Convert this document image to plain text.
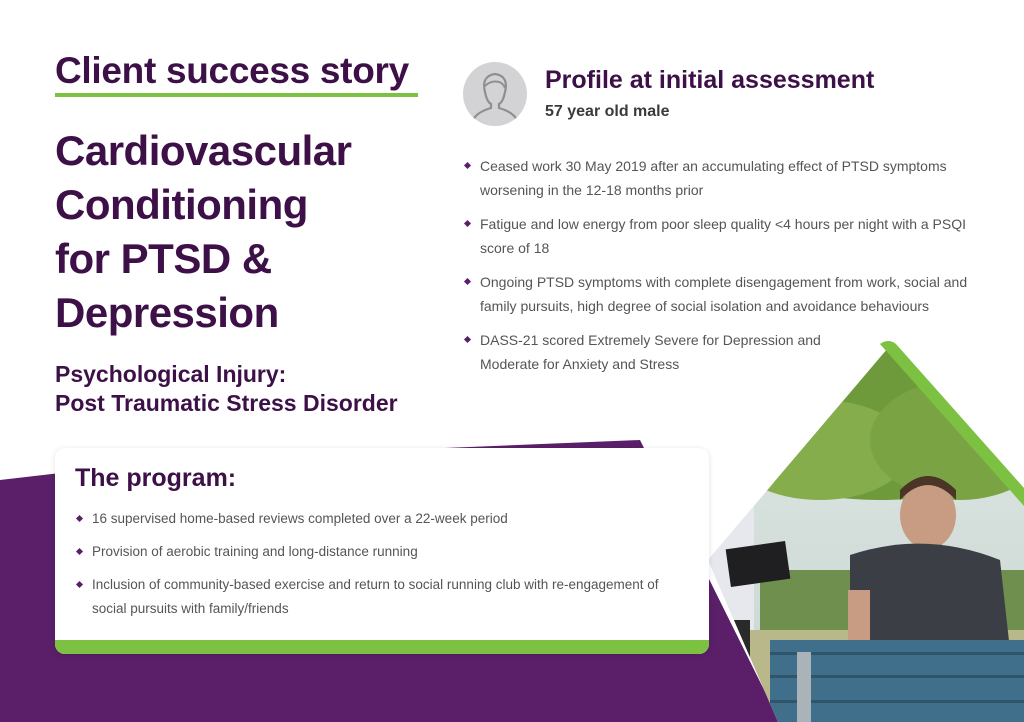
Client success story
Cardiovascular
Conditioning
for PTSD &
Depression
Psychological Injury:
Post Traumatic Stress Disorder
Profile at initial assessment
57 year old male
Ceased work 30 May 2019 after an accumulating effect of PTSD symptoms worsening in the 12-18 months prior
Fatigue and low energy from poor sleep quality <4 hours per night with a PSQI score of 18
Ongoing PTSD symptoms with complete disengagement from work, social and family pursuits, high degree of social isolation and avoidance behaviours
DASS-21 scored Extremely Severe for Depression and Moderate for Anxiety and Stress
The program:
16 supervised home-based reviews completed over a 22-week period
Provision of aerobic training and long-distance running
Inclusion of community-based exercise and return to social running club with re-engagement of social pursuits with family/friends
